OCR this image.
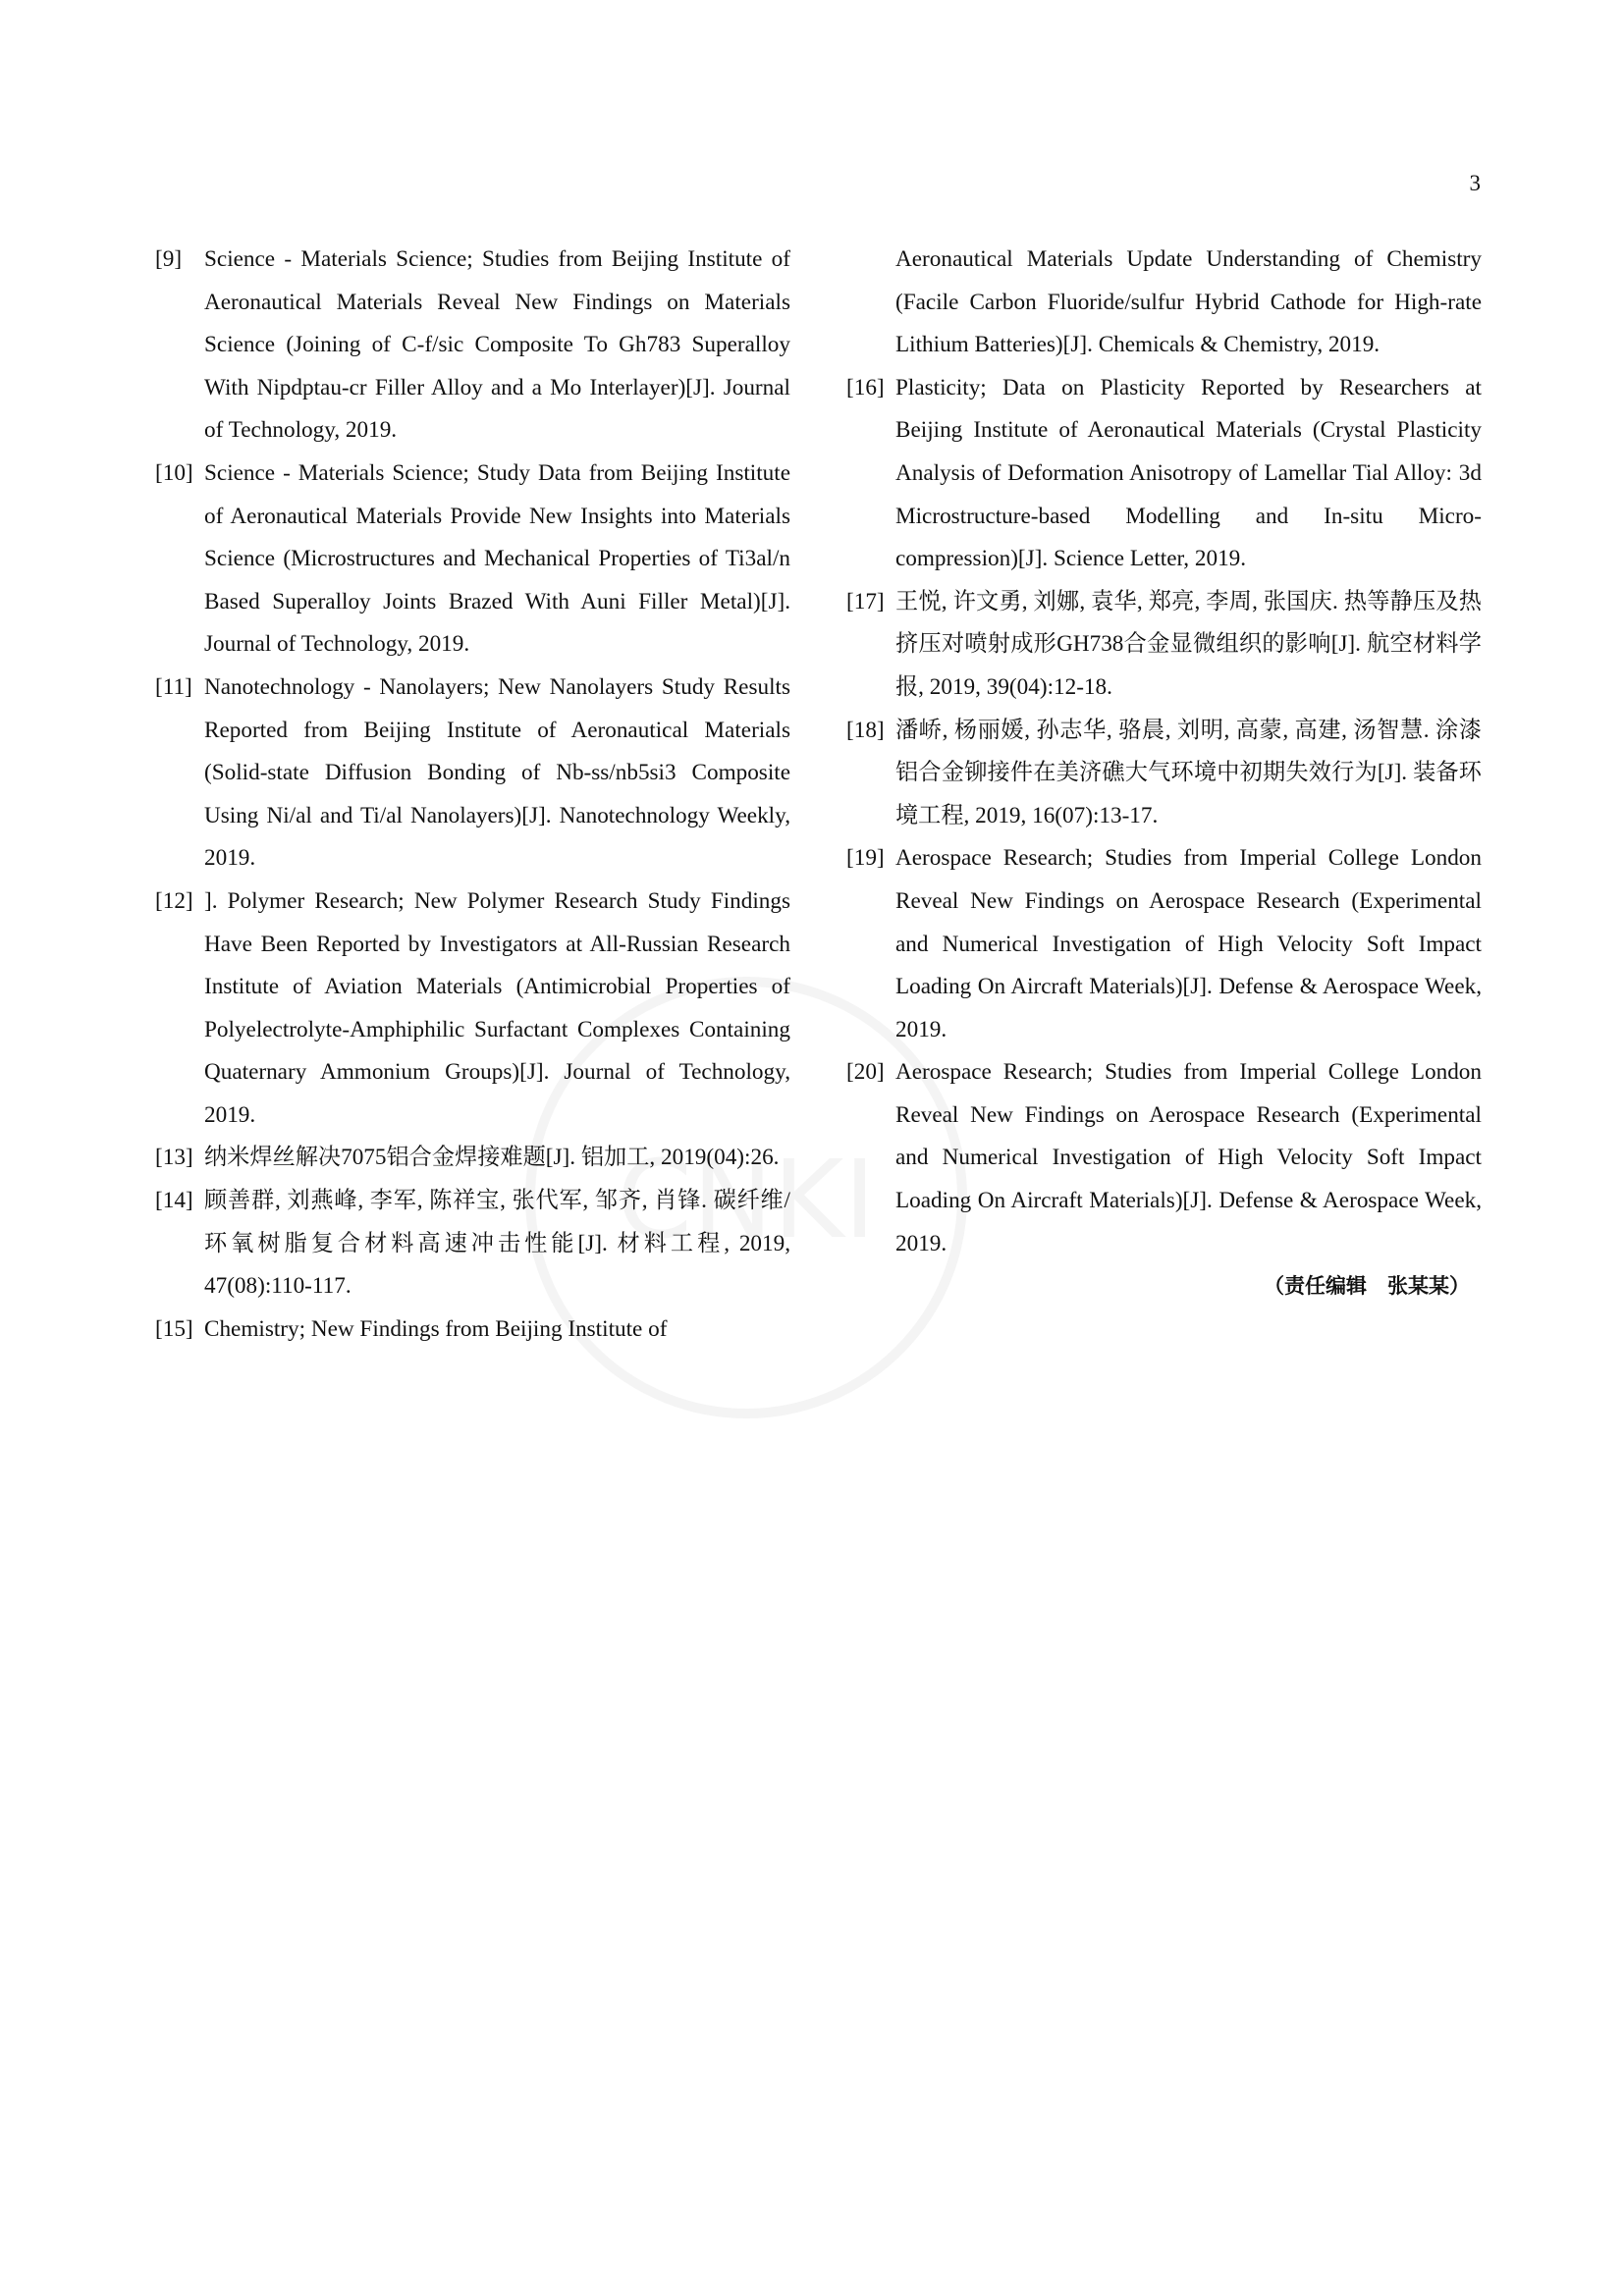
3
CNKI
[9] Science - Materials Science; Studies from Beijing Institute of Aeronautical Materials Reveal New Findings on Materials Science (Joining of C-f/sic Composite To Gh783 Superalloy With Nipdptau-cr Filler Alloy and a Mo Interlayer)[J]. Journal of Technology, 2019.
[10] Science - Materials Science; Study Data from Beijing Institute of Aeronautical Materials Provide New Insights into Materials Science (Microstructures and Mechanical Properties of Ti3al/n Based Superalloy Joints Brazed With Auni Filler Metal)[J]. Journal of Technology, 2019.
[11] Nanotechnology - Nanolayers; New Nanolayers Study Results Reported from Beijing Institute of Aeronautical Materials (Solid-state Diffusion Bonding of Nb-ss/nb5si3 Composite Using Ni/al and Ti/al Nanolayers)[J]. Nanotechnology Weekly, 2019.
[12] ]. Polymer Research; New Polymer Research Study Findings Have Been Reported by Investigators at All-Russian Research Institute of Aviation Materials (Antimicrobial Properties of Polyelectrolyte-Amphiphilic Surfactant Complexes Containing Quaternary Ammonium Groups)[J]. Journal of Technology, 2019.
[13] 纳米焊丝解决7075铝合金焊接难题[J]. 铝加工, 2019(04):26.
[14] 顾善群, 刘燕峰, 李军, 陈祥宝, 张代军, 邹齐, 肖锋. 碳纤维/环氧树脂复合材料高速冲击性能[J]. 材料工程, 2019, 47(08):110-117.
[15] Chemistry; New Findings from Beijing Institute of
Aeronautical Materials Update Understanding of Chemistry (Facile Carbon Fluoride/sulfur Hybrid Cathode for High-rate Lithium Batteries)[J]. Chemicals & Chemistry, 2019.
[16] Plasticity; Data on Plasticity Reported by Researchers at Beijing Institute of Aeronautical Materials (Crystal Plasticity Analysis of Deformation Anisotropy of Lamellar Tial Alloy: 3d Microstructure-based Modelling and In-situ Micro-compression)[J]. Science Letter, 2019.
[17] 王悦, 许文勇, 刘娜, 袁华, 郑亮, 李周, 张国庆. 热等静压及热挤压对喷射成形GH738合金显微组织的影响[J]. 航空材料学报, 2019, 39(04):12-18.
[18] 潘峤, 杨丽媛, 孙志华, 骆晨, 刘明, 高蒙, 高建, 汤智慧. 涂漆铝合金铆接件在美济礁大气环境中初期失效行为[J]. 装备环境工程, 2019, 16(07):13-17.
[19] Aerospace Research; Studies from Imperial College London Reveal New Findings on Aerospace Research (Experimental and Numerical Investigation of High Velocity Soft Impact Loading On Aircraft Materials)[J]. Defense & Aerospace Week, 2019.
[20] Aerospace Research; Studies from Imperial College London Reveal New Findings on Aerospace Research (Experimental and Numerical Investigation of High Velocity Soft Impact Loading On Aircraft Materials)[J]. Defense & Aerospace Week, 2019.
（责任编辑　张某某）
